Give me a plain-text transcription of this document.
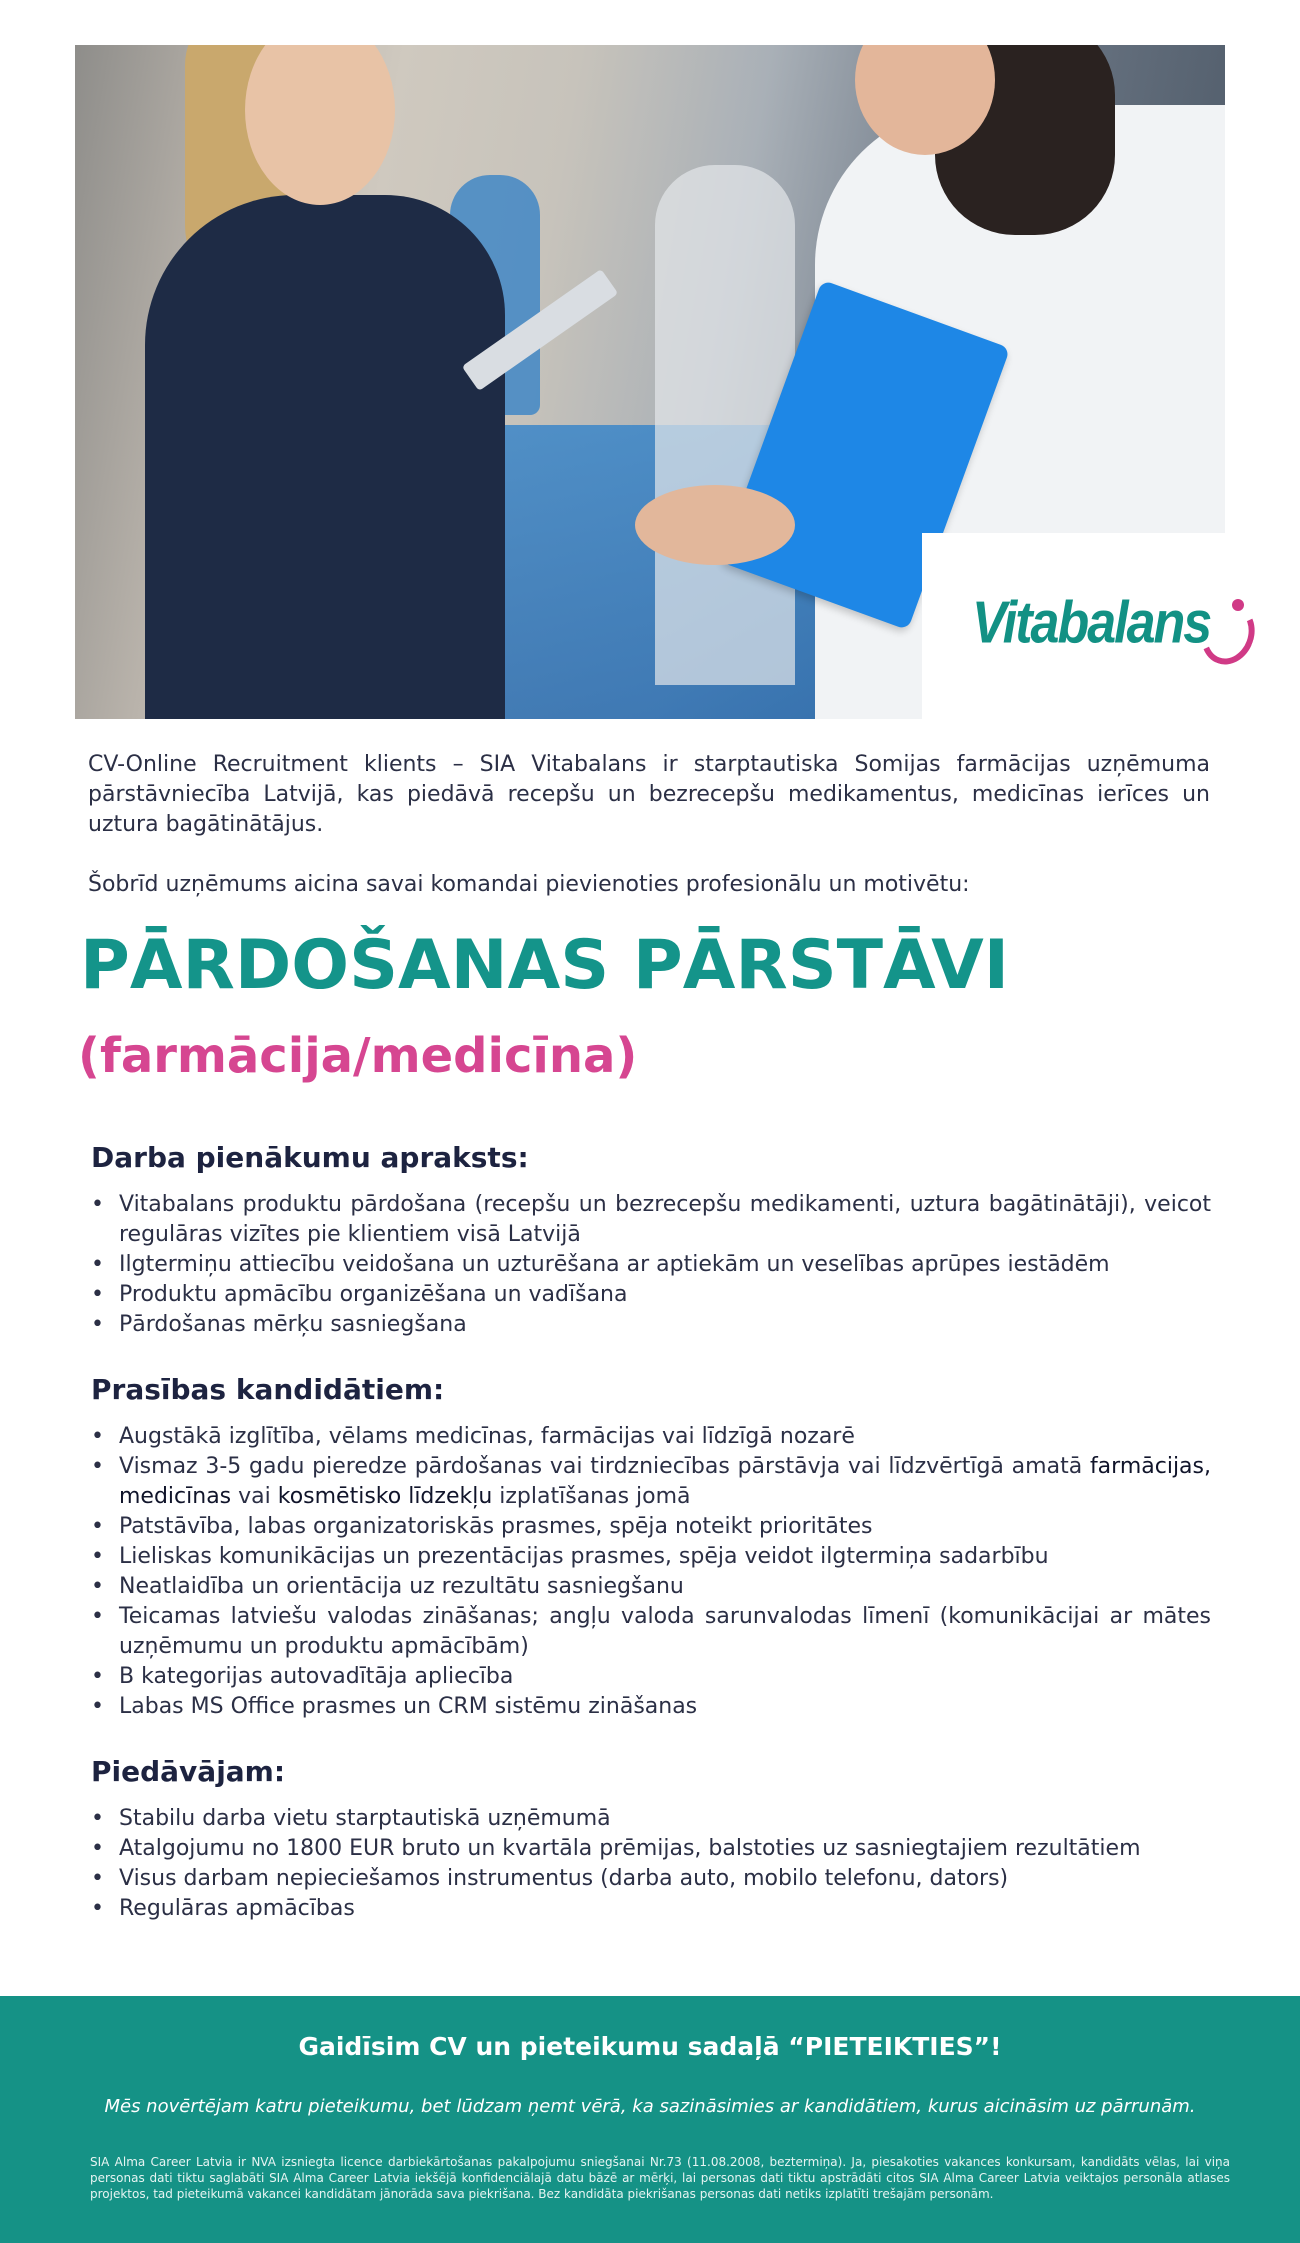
Vitabalans

CV-Online Recruitment klients – SIA Vitabalans ir starptautiska Somijas farmācijas uzņēmuma pārstāvniecība Latvijā, kas piedāvā recepšu un bezrecepšu medikamentus, medicīnas ierīces un uztura bagātinātājus.

Šobrīd uzņēmums aicina savai komandai pievienoties profesionālu un motivētu:

PĀRDOŠANAS PĀRSTĀVI
(farmācija/medicīna)
Darba pienākumu apraksts:
• Vitabalans produktu pārdošana (recepšu un bezrecepšu medikamenti, uztura bagātinātāji), veicot regulāras vizītes pie klientiem visā Latvijā
• Ilgtermiņu attiecību veidošana un uzturēšana ar aptiekām un veselības aprūpes iestādēm
• Produktu apmācību organizēšana un vadīšana
• Pārdošanas mērķu sasniegšana
Prasības kandidātiem:
• Augstākā izglītība, vēlams medicīnas, farmācijas vai līdzīgā nozarē
• Vismaz 3-5 gadu pieredze pārdošanas vai tirdzniecības pārstāvja vai līdzvērtīgā amatā farmācijas, medicīnas vai kosmētisko līdzekļu izplatīšanas jomā
• Patstāvība, labas organizatoriskās prasmes, spēja noteikt prioritātes
• Lieliskas komunikācijas un prezentācijas prasmes, spēja veidot ilgtermiņa sadarbību
• Neatlaidība un orientācija uz rezultātu sasniegšanu
• Teicamas latviešu valodas zināšanas; angļu valoda sarunvalodas līmenī (komunikācijai ar mātes uzņēmumu un produktu apmācībām)
• B kategorijas autovadītāja apliecība
• Labas MS Office prasmes un CRM sistēmu zināšanas
Piedāvājam:
• Stabilu darba vietu starptautiskā uzņēmumā
• Atalgojumu no 1800 EUR bruto un kvartāla prēmijas, balstoties uz sasniegtajiem rezultātiem
• Visus darbam nepieciešamos instrumentus (darba auto, mobilo telefonu, dators)
• Regulāras apmācības

Gaidīsim CV un pieteikumu sadaļā “PIETEIKTIES”!

Mēs novērtējam katru pieteikumu, bet lūdzam ņemt vērā, ka sazināsimies ar kandidātiem, kurus aicināsim uz pārrunām.

SIA Alma Career Latvia ir NVA izsniegta licence darbiekārtošanas pakalpojumu sniegšanai Nr.73 (11.08.2008, beztermiņa). Ja, piesakoties vakances konkursam, kandidāts vēlas, lai viņa personas dati tiktu saglabāti SIA Alma Career Latvia iekšējā konfidenciālajā datu bāzē ar mērķi, lai personas dati tiktu apstrādāti citos SIA Alma Career Latvia veiktajos personāla atlases projektos, tad pieteikumā vakancei kandidātam jānorāda sava piekrišana. Bez kandidāta piekrišanas personas dati netiks izplatīti trešajām personām.
